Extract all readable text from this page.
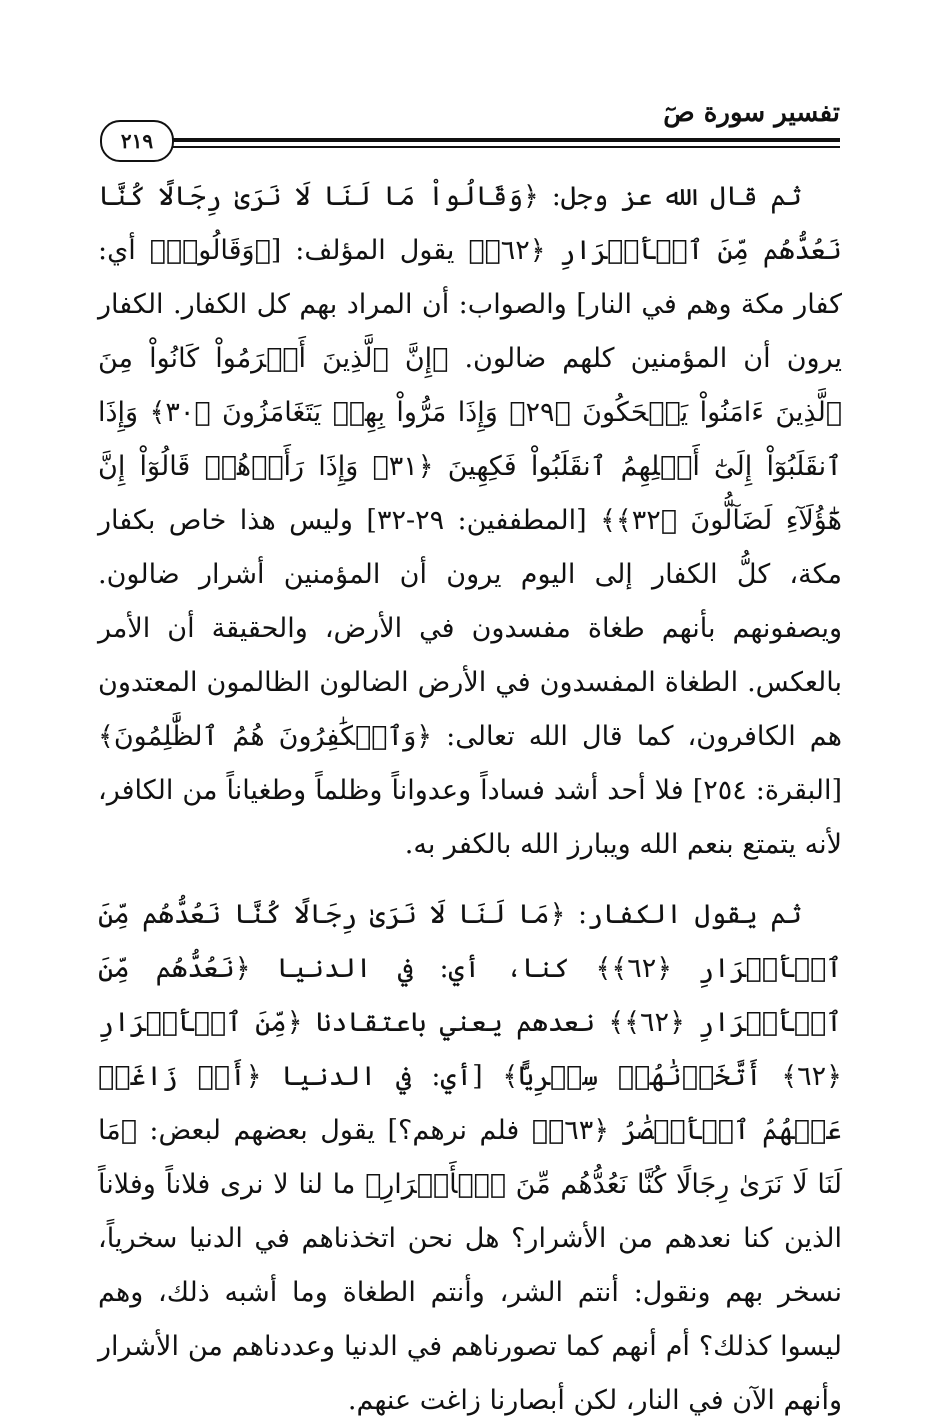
تفسير سورة صٓ
٢١٩

ثم قال الله عز وجل: ﴿وَقَالُواْ مَا لَنَا لَا نَرَىٰ رِجَالًا كُنَّا نَعُدُّهُم مِّنَ ٱلۡأَشۡرَارِ ﴿٦٢﴾﴾ يقول المؤلف: [﴿وَقَالُوا۟﴾ أي: كفار مكة وهم في النار] والصواب: أن المراد بهم كل الكفار. الكفار يرون أن المؤمنين كلهم ضالون. ﴿إِنَّ ٱلَّذِينَ أَجۡرَمُواْ كَانُواْ مِنَ ٱلَّذِينَ ءَامَنُواْ يَضۡحَكُونَ ﴿٢٩﴾ وَإِذَا مَرُّواْ بِهِمۡ يَتَغَامَزُونَ ﴿٣٠﴾ وَإِذَا ٱنقَلَبُوٓاْ إِلَىٰٓ أَهۡلِهِمُ ٱنقَلَبُواْ فَكِهِينَ ﴿٣١﴾ وَإِذَا رَأَوۡهُمۡ قَالُوٓاْ إِنَّ هَٰٓؤُلَآءِ لَضَآلُّونَ ﴿٣٢﴾﴾ [المطففين: ٢٩-٣٢] وليس هذا خاص بكفار مكة، كلُّ الكفار إلى اليوم يرون أن المؤمنين أشرار ضالون. ويصفونهم بأنهم طغاة مفسدون في الأرض، والحقيقة أن الأمر بالعكس. الطغاة المفسدون في الأرض الضالون الظالمون المعتدون هم الكافرون، كما قال الله تعالى: ﴿وَٱلۡكَٰفِرُونَ هُمُ ٱلظَّٰلِمُونَ﴾ [البقرة: ٢٥٤] فلا أحد أشد فساداً وعدواناً وظلماً وطغياناً من الكافر، لأنه يتمتع بنعم الله ويبارز الله بالكفر به.

ثم يقول الكفار: ﴿مَا لَنَا لَا نَرَىٰ رِجَالًا كُنَّا نَعُدُّهُم مِّنَ ٱلۡأَشۡرَارِ ﴿٦٢﴾﴾ كنا، أي: في الدنيا ﴿نَعُدُّهُم مِّنَ ٱلۡأَشۡرَارِ ﴿٦٢﴾﴾ نعدهم يعني باعتقادنا ﴿مِّنَ ٱلۡأَشۡرَارِ ﴿٦٢﴾ أَتَّخَذۡنَٰهُمۡ سِخۡرِيًّا﴾ [أي: في الدنيا ﴿أَمۡ زَاغَتۡ عَنۡهُمُ ٱلۡأَبۡصَٰرُ ﴿٦٣﴾﴾ فلم نرهم؟] يقول بعضهم لبعض: ﴿مَا لَنَا لَا نَرَىٰ رِجَالًا كُنَّا نَعُدُّهُم مِّنَ ٱلۡأَشۡرَارِ﴾ ما لنا لا نرى فلاناً وفلاناً الذين كنا نعدهم من الأشرار؟ هل نحن اتخذناهم في الدنيا سخرياً، نسخر بهم ونقول: أنتم الشر، وأنتم الطغاة وما أشبه ذلك، وهم ليسوا كذلك؟ أم أنهم كما تصورناهم في الدنيا وعددناهم من الأشرار وأنهم الآن في النار، لكن أبصارنا زاغت عنهم.
